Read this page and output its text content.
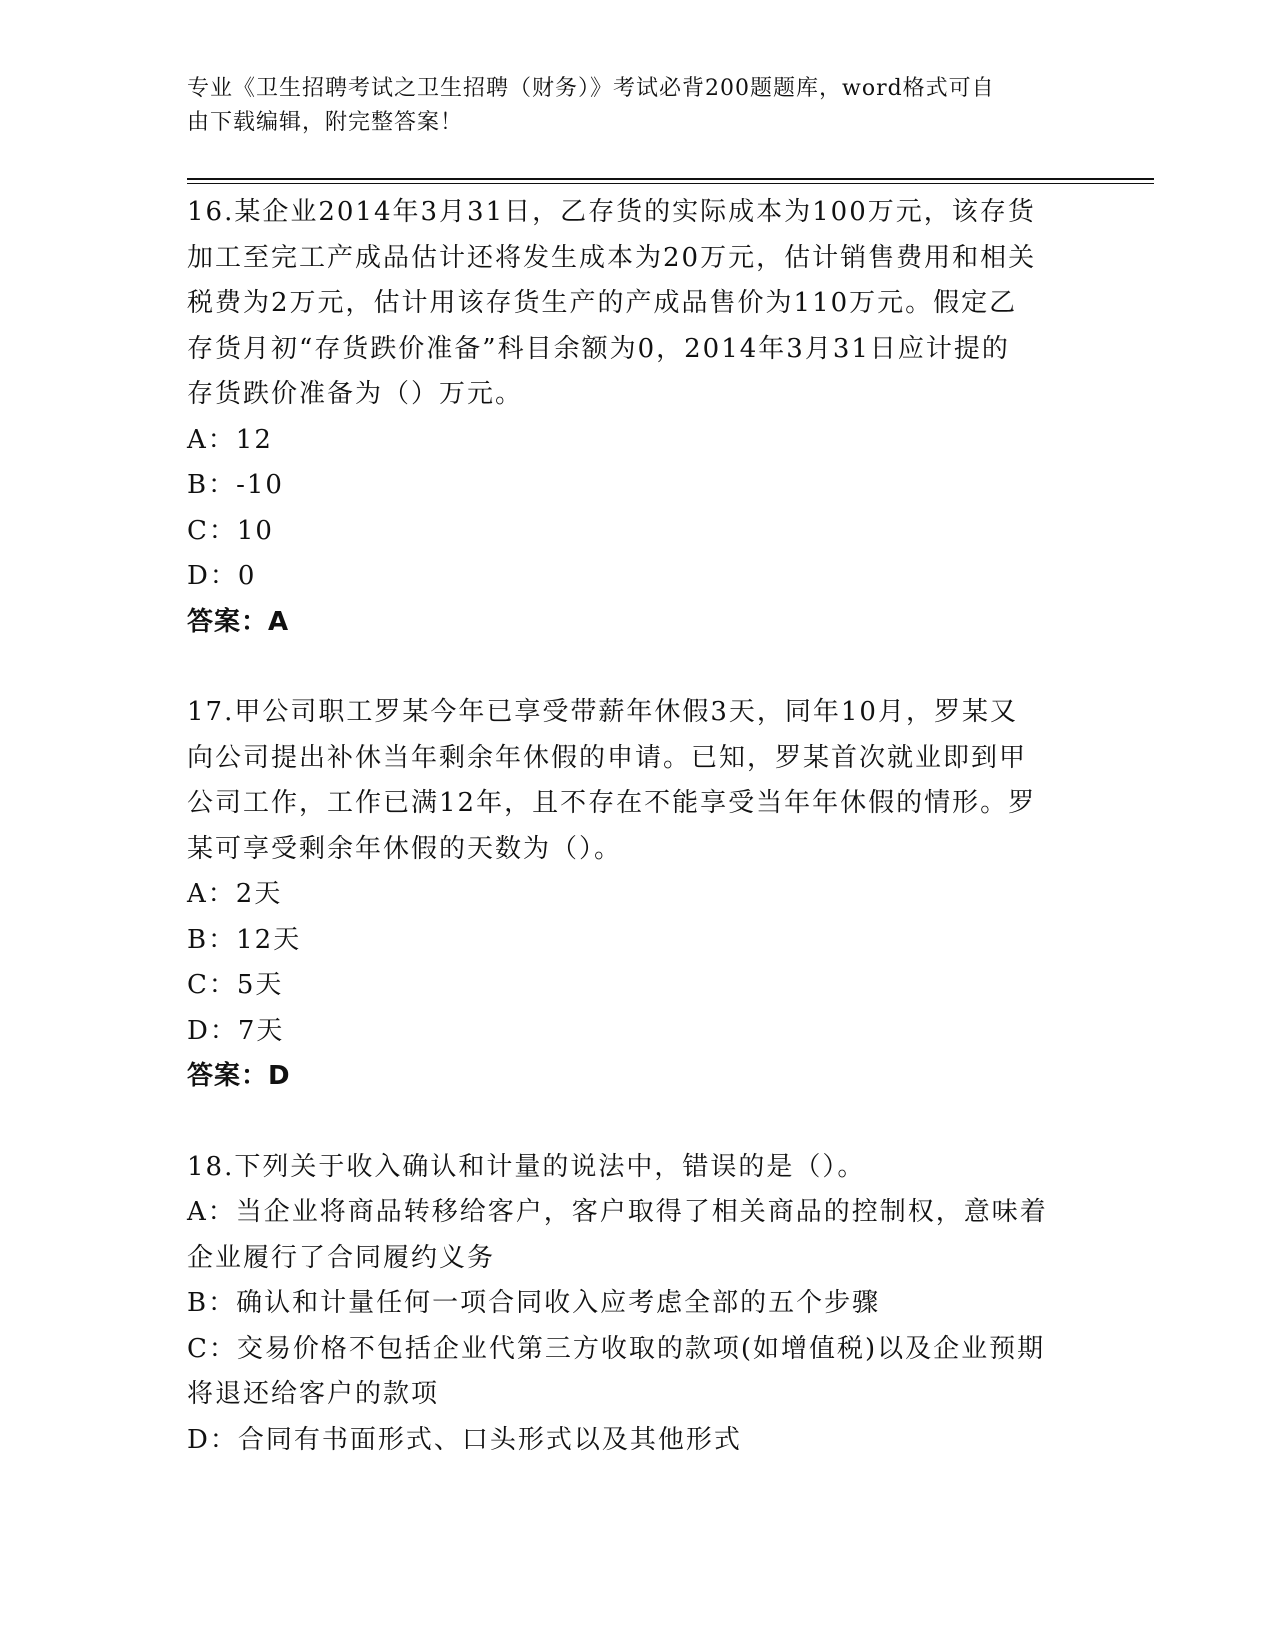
专业《卫生招聘考试之卫生招聘（财务）》考试必背200题题库，word格式可自
由下载编辑，附完整答案！

16.某企业2014年3月31日，乙存货的实际成本为100万元，该存货

加工至完工产成品估计还将发生成本为20万元，估计销售费用和相关

税费为2万元，估计用该存货生产的产成品售价为110万元。假定乙

存货月初“存货跌价准备”科目余额为0，2014年3月31日应计提的

存货跌价准备为（）万元。

A：12

B：-10

C：10

D：0

答案：A

17.甲公司职工罗某今年已享受带薪年休假3天，同年10月，罗某又

向公司提出补休当年剩余年休假的申请。已知，罗某首次就业即到甲

公司工作，工作已满12年，且不存在不能享受当年年休假的情形。罗

某可享受剩余年休假的天数为（）。

A：2天

B：12天

C：5天

D：7天

答案：D

18.下列关于收入确认和计量的说法中，错误的是（）。

A：当企业将商品转移给客户，客户取得了相关商品的控制权，意味着

企业履行了合同履约义务

B：确认和计量任何一项合同收入应考虑全部的五个步骤

C：交易价格不包括企业代第三方收取的款项(如增值税)以及企业预期

将退还给客户的款项

D：合同有书面形式、口头形式以及其他形式
